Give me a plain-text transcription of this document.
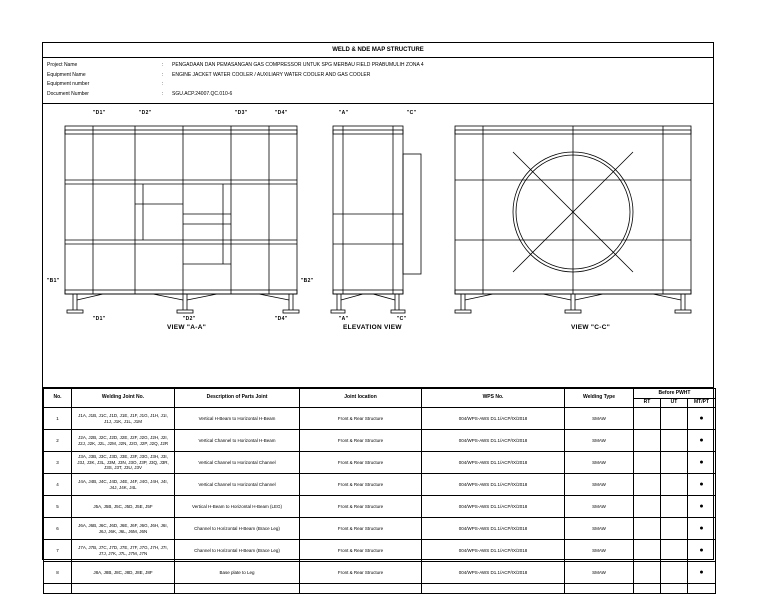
WELD & NDE MAP STRUCTURE
Project Name	:	PENGADAAN DAN PEMASANGAN GAS COMPRESSOR UNTUK SPG MERBAU FIELD PRABUMULIH ZONA 4
Equipment Name	:	ENGINE JACKET WATER COOLER / AUXILIARY WATER COOLER AND GAS COOLER
Equipment number	:
Document Number	:	SGU.ACP.24007.QC.010-6
"D1"	"D2"	"D3"	"D4"	"A"	"C"
"B1"	"B2"
"D1"	"D2"	"D4"	"A"	"C"
VIEW "A-A"	ELEVATION VIEW	VIEW "C-C"
No.	Welding Joint No.	Description of Parts Joint	Joint location	WPS No.	Welding Type	Before PWHT		
						RT	UT	MT/PT
1	J1A, J1B, J1C, J1D, J1E, J1F, J1G, J1H, J1I, J1J, J1K, J1L, J1M	Vertical H-Beam to Horizontal H-Beam	Front & Rear Structure	004/WPS-AWS D1.1/ACP/IX/2018	SMAW			●
2	J2A, J2B, J2C, J2D, J2E, J2F, J2G, J2H, J2I, J2J, J2K, J2L, J2M, J2N, J2O, J2P, J2Q, J2R	Vertical Channel to Horizontal H-Beam	Front & Rear Structure	004/WPS-AWS D1.1/ACP/IX/2018	SMAW			●
3	J3A, J3B, J3C, J3D, J3E, J3F, J3G, J3H, J3I, J3J, J3K, J3L, J3M, J3N, J3O, J3P, J3Q, J3R, J3S, J3T, J3U, J3V	Vertical Channel to Horizontal Channel	Front & Rear Structure	004/WPS-AWS D1.1/ACP/IX/2018	SMAW			●
4	J4A, J4B, J4C, J4D, J4E, J4F, J4G, J4H, J4I, J4J, J4K, J4L	Vertical Channel to Horizontal Channel	Front & Rear Structure	004/WPS-AWS D1.1/ACP/IX/2018	SMAW			●
5	J5A, J5B, J5C, J5D, J5E, J5F	Vertical H-Beam to Horizontal H-Beam (LEG)	Front & Rear Structure	004/WPS-AWS D1.1/ACP/IX/2018	SMAW			●
6	J6A, J6B, J6C, J6D, J6E, J6F, J6G, J6H, J6I, J6J, J6K, J6L, J6M, J6N	Channel to Horizontal H-Beam (Brace Leg)	Front & Rear Structure	004/WPS-AWS D1.1/ACP/IX/2018	SMAW			●
7	J7A, J7B, J7C, J7D, J7E, J7F, J7G, J7H, J7I, J7J, J7K, J7L, J7M, J7N	Channel to Horizontal H-Beam (Brace Leg)	Front & Rear Structure	004/WPS-AWS D1.1/ACP/IX/2018	SMAW			●
8	J8A, J8B, J8C, J8D, J8E, J8F	Base plate to Leg	Front & Rear Structure	004/WPS-AWS D1.1/ACP/IX/2018	SMAW			●
